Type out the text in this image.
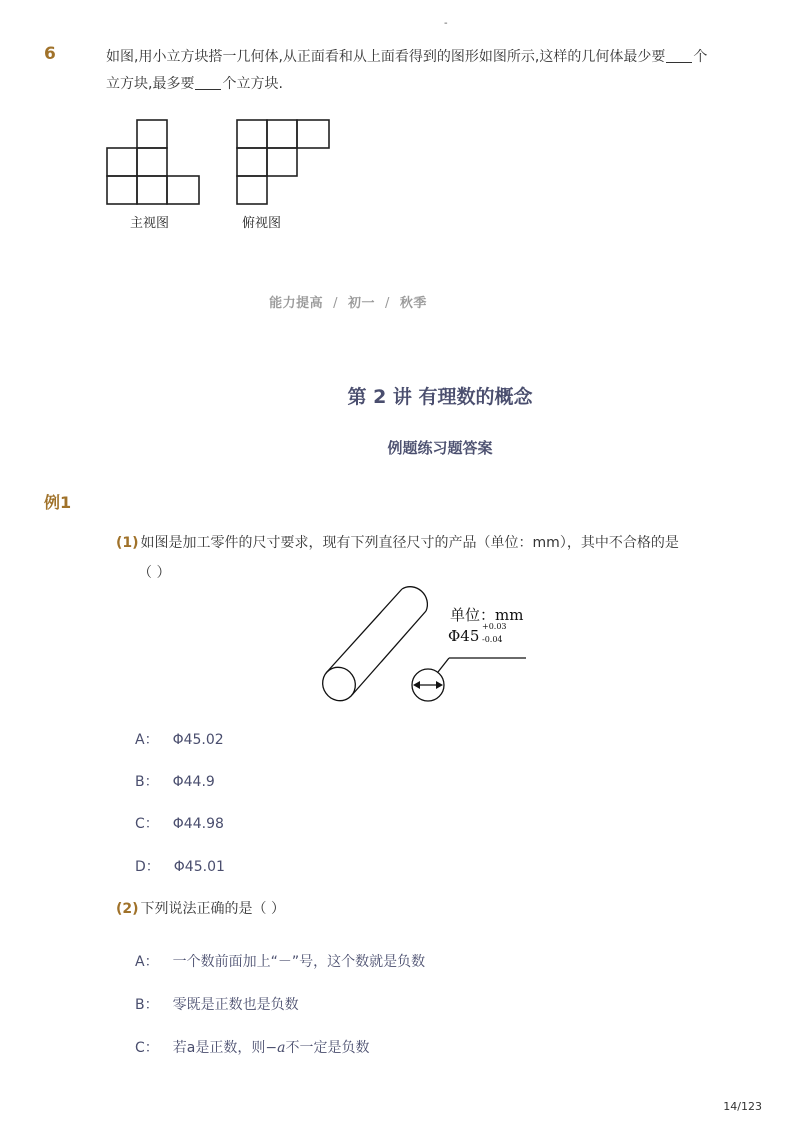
-
6	如图,用小立方块搭一几何体,从正面看和从上面看得到的图形如图所示,这样的几何体最少要 个
立方块,最多要 个立方块.
主视图	俯视图
能力提高 / 初一 / 秋季
第 2 讲 有理数的概念
例题练习题答案
例1
(1) 如图是加工零件的尺寸要求，现有下列直径尺寸的产品（单位：mm），其中不合格的是
（ ）
单位：mm
Φ45
+0.03
-0.04
A： Φ45.02
B： Φ44.9
C： Φ44.98
D： Φ45.01
(2) 下列说法正确的是（ ）
A： 一个数前面加上“－”号，这个数就是负数
B： 零既是正数也是负数
C： 若a是正数，则−a不一定是负数
14/123
